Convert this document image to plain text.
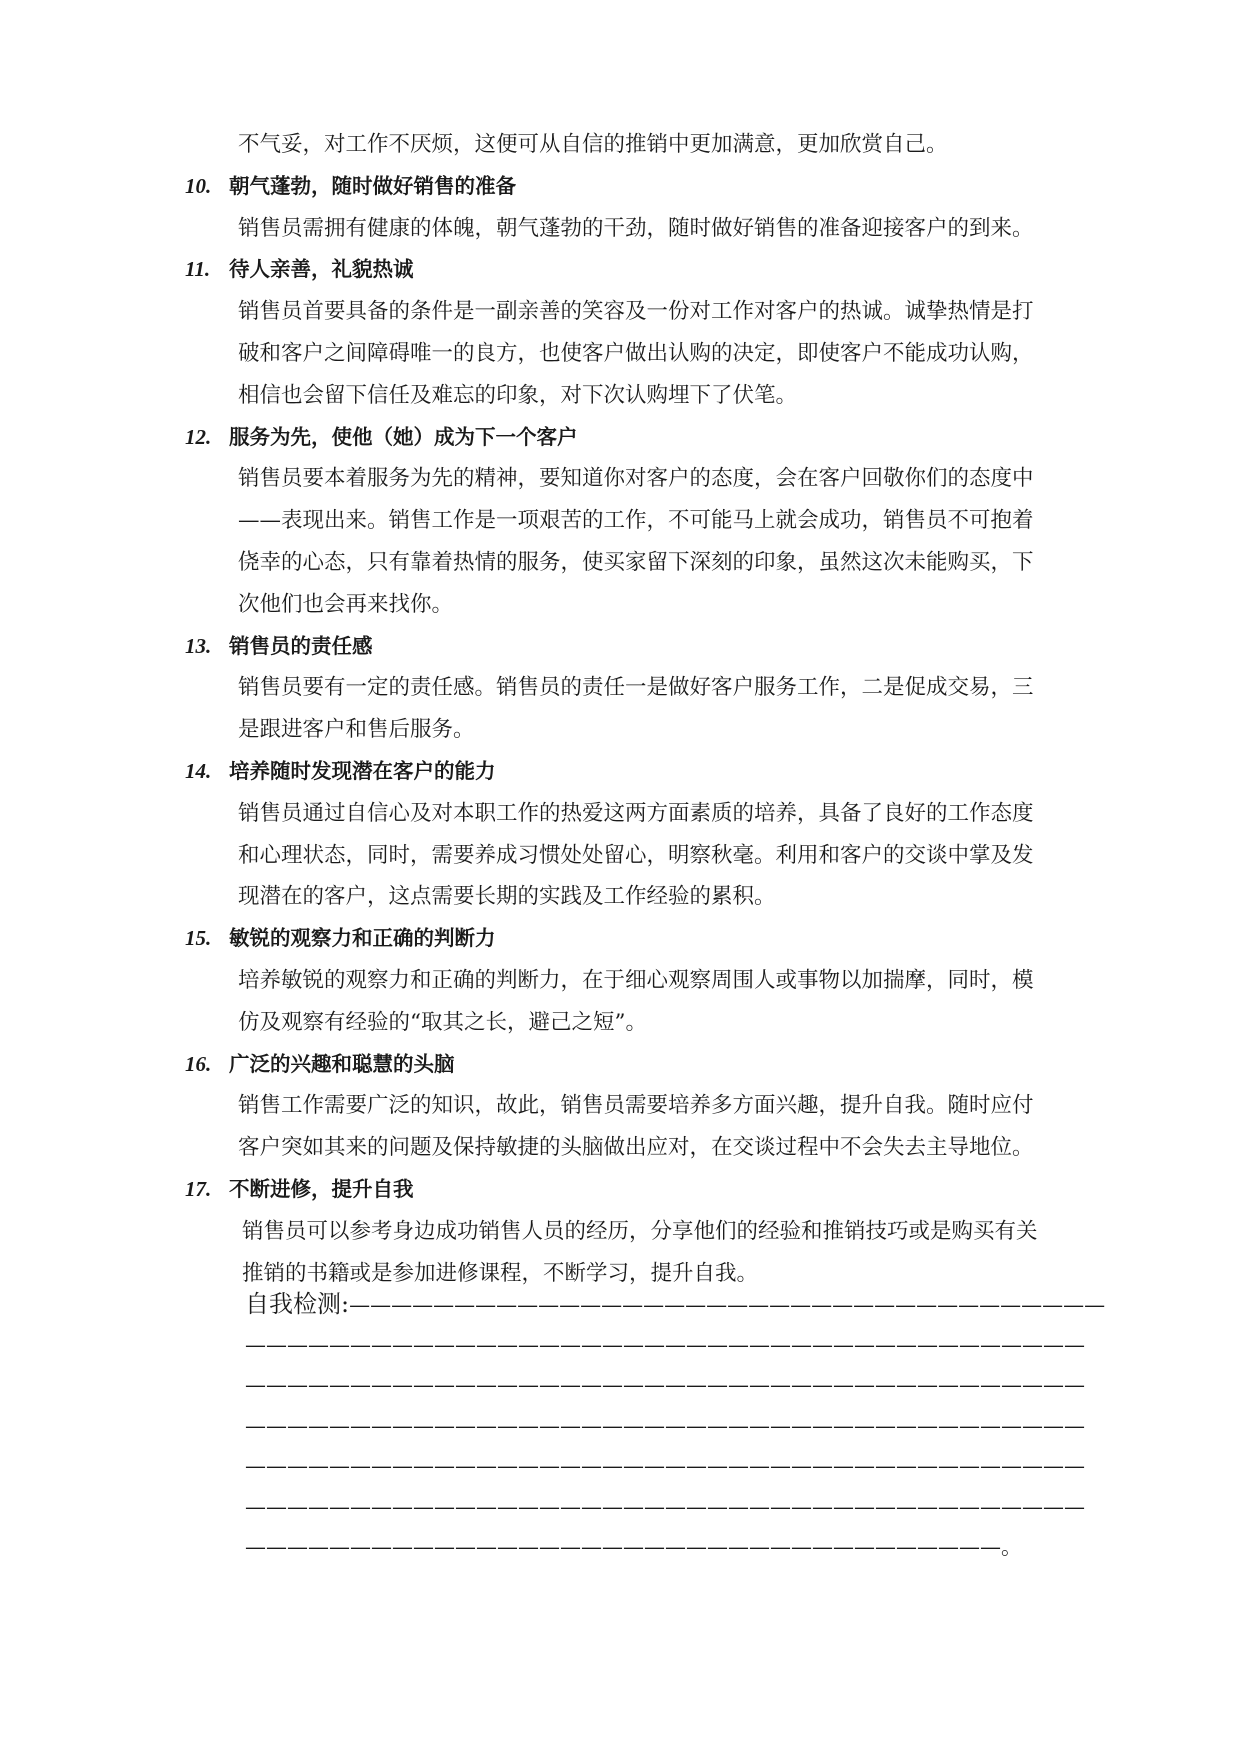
不气妥，对工作不厌烦，这便可从自信的推销中更加满意，更加欣赏自己。

10. 朝气蓬勃，随时做好销售的准备

销售员需拥有健康的体魄，朝气蓬勃的干劲，随时做好销售的准备迎接客户的到来。

11. 待人亲善，礼貌热诚

销售员首要具备的条件是一副亲善的笑容及一份对工作对客户的热诚。诚挚热情是打

破和客户之间障碍唯一的良方，也使客户做出认购的决定，即使客户不能成功认购，

相信也会留下信任及难忘的印象，对下次认购埋下了伏笔。

12. 服务为先，使他（她）成为下一个客户

销售员要本着服务为先的精神，要知道你对客户的态度，会在客户回敬你们的态度中

——表现出来。销售工作是一项艰苦的工作，不可能马上就会成功，销售员不可抱着

侥幸的心态，只有靠着热情的服务，使买家留下深刻的印象，虽然这次未能购买，下

次他们也会再来找你。

13. 销售员的责任感

销售员要有一定的责任感。销售员的责任一是做好客户服务工作，二是促成交易，三

是跟进客户和售后服务。

14. 培养随时发现潜在客户的能力

销售员通过自信心及对本职工作的热爱这两方面素质的培养，具备了良好的工作态度

和心理状态，同时，需要养成习惯处处留心，明察秋毫。利用和客户的交谈中掌及发

现潜在的客户，这点需要长期的实践及工作经验的累积。

15. 敏锐的观察力和正确的判断力

培养敏锐的观察力和正确的判断力，在于细心观察周围人或事物以加揣摩，同时，模

仿及观察有经验的“取其之长，避己之短”。

16. 广泛的兴趣和聪慧的头脑

销售工作需要广泛的知识，故此，销售员需要培养多方面兴趣，提升自我。随时应付

客户突如其来的问题及保持敏捷的头脑做出应对，在交谈过程中不会失去主导地位。

17. 不断进修，提升自我

销售员可以参考身边成功销售人员的经历，分享他们的经验和推销技巧或是购买有关

推销的书籍或是参加进修课程，不断学习，提升自我。

自我检测:————————————————————————————————————

————————————————————————————————————————

————————————————————————————————————————

————————————————————————————————————————

————————————————————————————————————————

————————————————————————————————————————

————————————————————————————————————。
